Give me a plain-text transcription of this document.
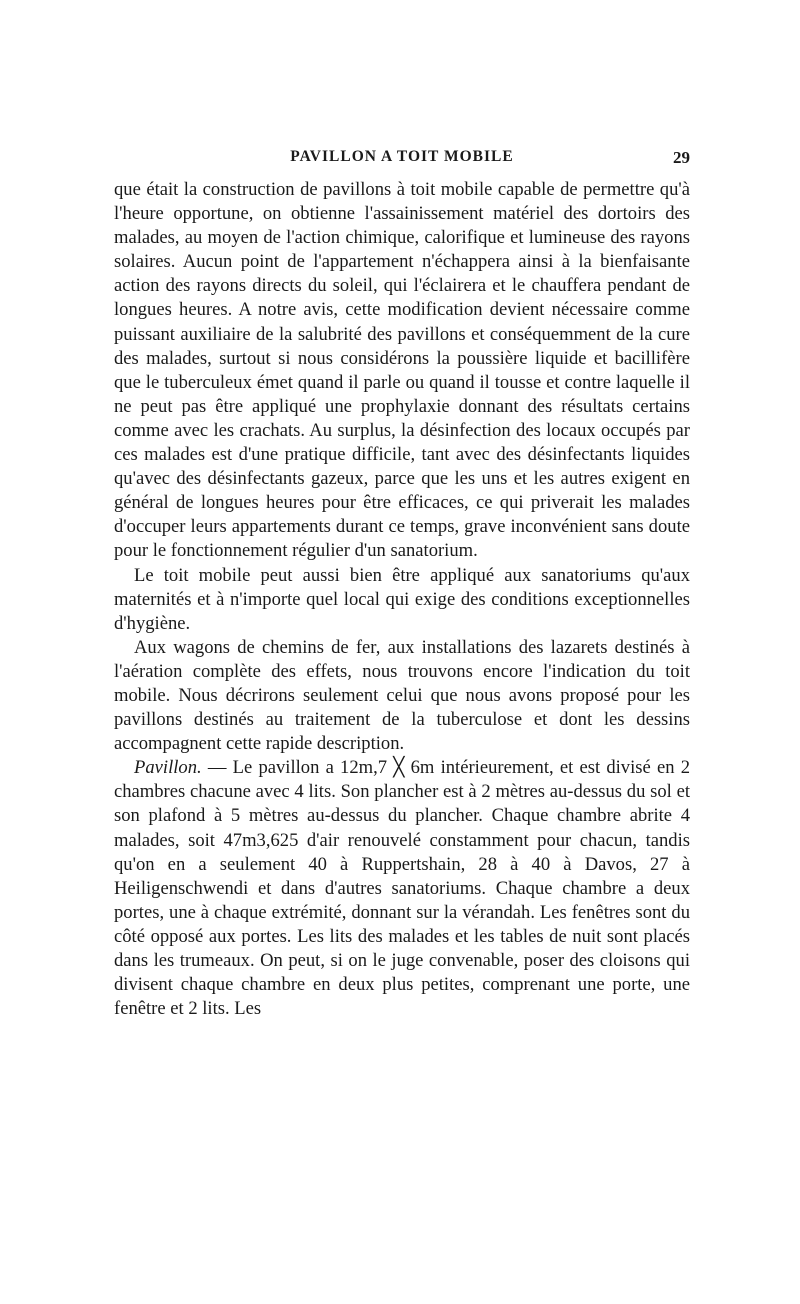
PAVILLON A TOIT MOBILE	29

que était la construction de pavillons à toit mobile capable de permettre qu'à l'heure opportune, on obtienne l'assainissement matériel des dortoirs des malades, au moyen de l'action chimique, calorifique et lumineuse des rayons solaires. Aucun point de l'appartement n'échappera ainsi à la bienfaisante action des rayons directs du soleil, qui l'éclairera et le chauffera pendant de longues heures. A notre avis, cette modification devient nécessaire comme puissant auxiliaire de la salubrité des pavillons et conséquemment de la cure des malades, surtout si nous considérons la poussière liquide et bacillifère que le tuberculeux émet quand il parle ou quand il tousse et contre laquelle il ne peut pas être appliqué une prophylaxie donnant des résultats certains comme avec les crachats. Au surplus, la désinfection des locaux occupés par ces malades est d'une pratique difficile, tant avec des désinfectants liquides qu'avec des désinfectants gazeux, parce que les uns et les autres exigent en général de longues heures pour être efficaces, ce qui priverait les malades d'occuper leurs appartements durant ce temps, grave inconvénient sans doute pour le fonctionnement régulier d'un sanatorium.

Le toit mobile peut aussi bien être appliqué aux sanatoriums qu'aux maternités et à n'importe quel local qui exige des conditions exceptionnelles d'hygiène.

Aux wagons de chemins de fer, aux installations des lazarets destinés à l'aération complète des effets, nous trouvons encore l'indication du toit mobile. Nous décrirons seulement celui que nous avons proposé pour les pavillons destinés au traitement de la tuberculose et dont les dessins accompagnent cette rapide description.

Pavillon. — Le pavillon a 12m,7 ╳ 6m intérieurement, et est divisé en 2 chambres chacune avec 4 lits. Son plancher est à 2 mètres au-dessus du sol et son plafond à 5 mètres au-dessus du plancher. Chaque chambre abrite 4 malades, soit 47m3,625 d'air renouvelé constamment pour chacun, tandis qu'on en a seulement 40 à Ruppertshain, 28 à 40 à Davos, 27 à Heiligenschwendi et dans d'autres sanatoriums. Chaque chambre a deux portes, une à chaque extrémité, donnant sur la vérandah. Les fenêtres sont du côté opposé aux portes. Les lits des malades et les tables de nuit sont placés dans les trumeaux. On peut, si on le juge convenable, poser des cloisons qui divisent chaque chambre en deux plus petites, comprenant une porte, une fenêtre et 2 lits. Les
